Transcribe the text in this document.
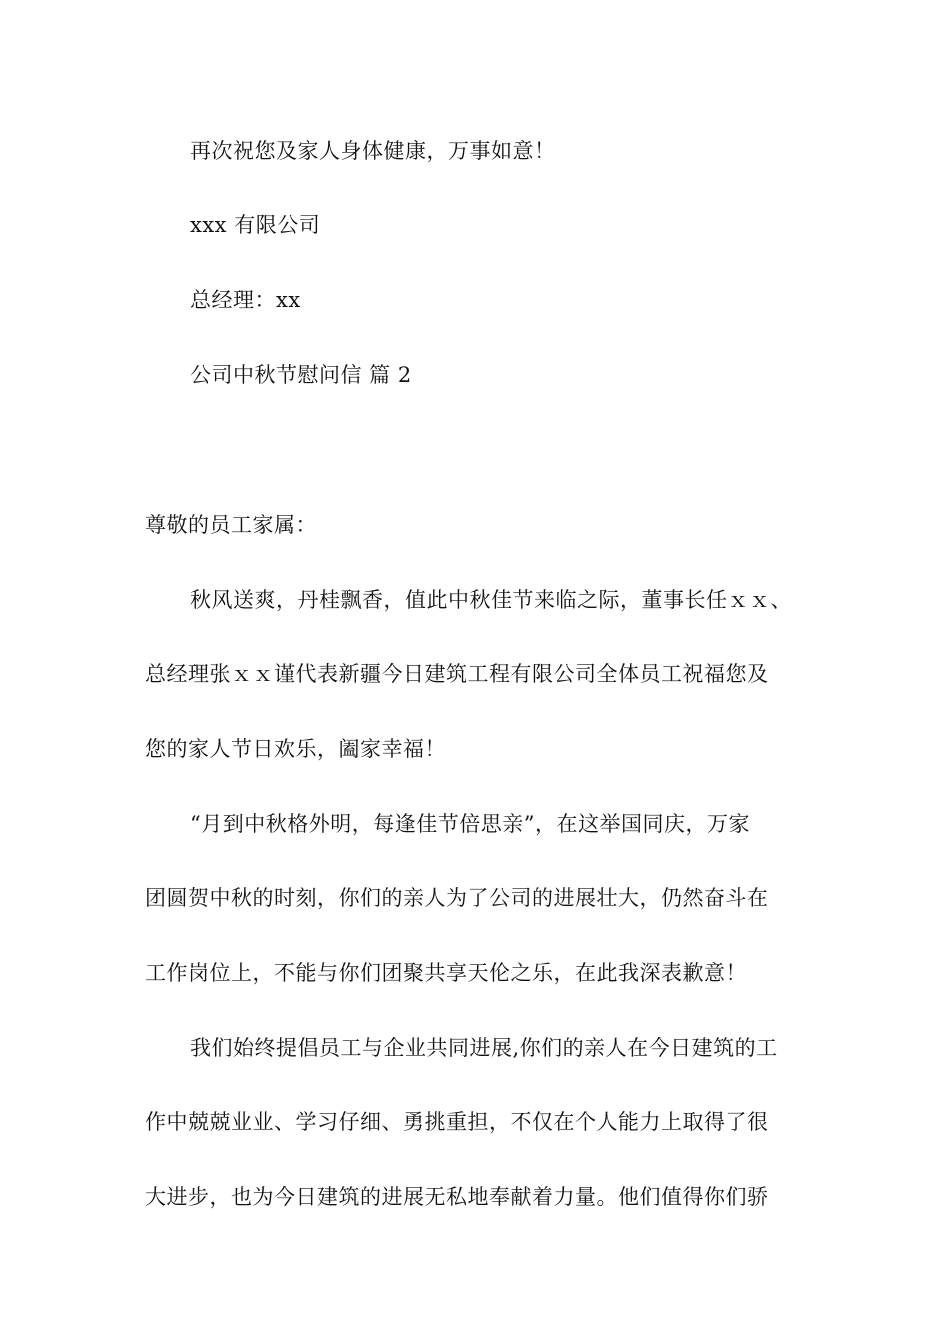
再次祝您及家人身体健康，万事如意！
xxx 有限公司
总经理：xx
公司中秋节慰问信 篇 2
尊敬的员工家属：
秋风送爽，丹桂飘香，值此中秋佳节来临之际，董事长任ｘｘ、
总经理张ｘｘ谨代表新疆今日建筑工程有限公司全体员工祝福您及
您的家人节日欢乐，阖家幸福！
“月到中秋格外明，每逢佳节倍思亲”，在这举国同庆，万家
团圆贺中秋的时刻，你们的亲人为了公司的进展壮大，仍然奋斗在
工作岗位上，不能与你们团聚共享天伦之乐，在此我深表歉意！
我们始终提倡员工与企业共同进展,你们的亲人在今日建筑的工
作中兢兢业业、学习仔细、勇挑重担，不仅在个人能力上取得了很
大进步，也为今日建筑的进展无私地奉献着力量。他们值得你们骄
